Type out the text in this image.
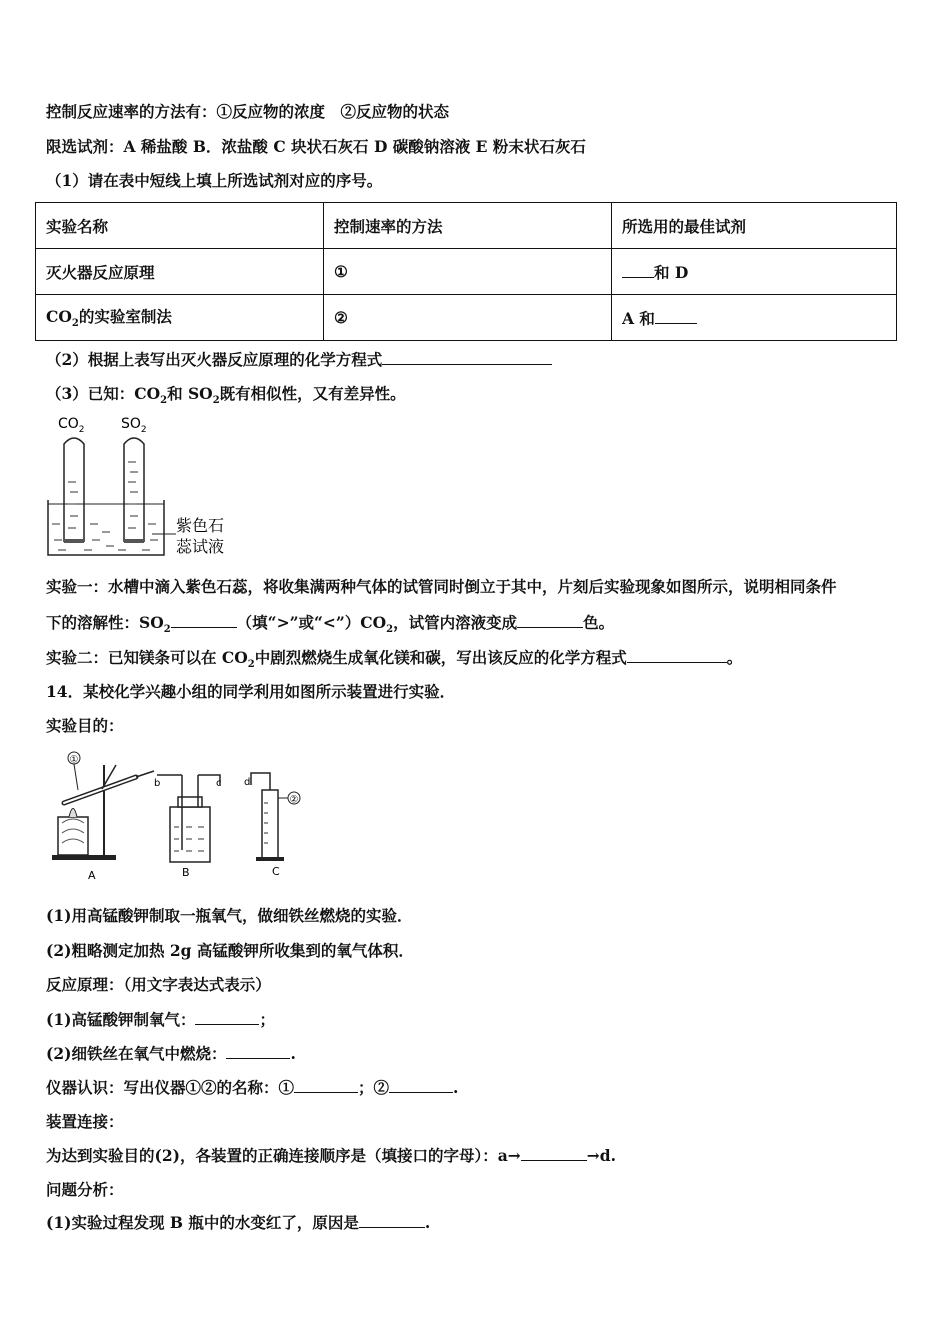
控制反应速率的方法有：①反应物的浓度　②反应物的状态
限选试剂：A 稀盐酸 B．浓盐酸 C 块状石灰石 D 碳酸钠溶液 E 粉末状石灰石
（1）请在表中短线上填上所选试剂对应的序号。
实验名称	控制速率的方法	所选用的最佳试剂
灭火器反应原理	①	和 D
$CO_2$的实验室制法	②	A 和
（2）根据上表写出灭火器反应原理的化学方程式
（3）已知：$CO_2$和 $SO_2$既有相似性，又有差异性。
$CO_2$	$SO_2$
紫色石
蕊试液
实验一：水槽中滴入紫色石蕊，将收集满两种气体的试管同时倒立于其中，片刻后实验现象如图所示，说明相同条件
下的溶解性：$SO_2$	（填“>”或“$<”)CO_2$，试管内溶液变成	色。
实验二：已知镁条可以在 $CO_2$中剧烈燃烧生成氧化镁和碳，写出该反应的化学方程式	。
14．某校化学兴趣小组的同学利用如图所示装置进行实验．
实验目的：
①
A
b	c
B
②
d
C
(1)用高锰酸钾制取一瓶氧气，做细铁丝燃烧的实验．
(2)粗略测定加热 2g 高锰酸钾所收集到的氧气体积．
反应原理：（用文字表达式表示）
(1)高锰酸钾制氧气：	；
(2)细铁丝在氧气中燃烧：	.
仪器认识：写出仪器①②的名称：①	；②	.
装置连接：
为达到实验目的(2)，各装置的正确连接顺序是（填接口的字母）：a→	→d.
问题分析：
(1)实验过程发现 B 瓶中的水变红了，原因是	.
